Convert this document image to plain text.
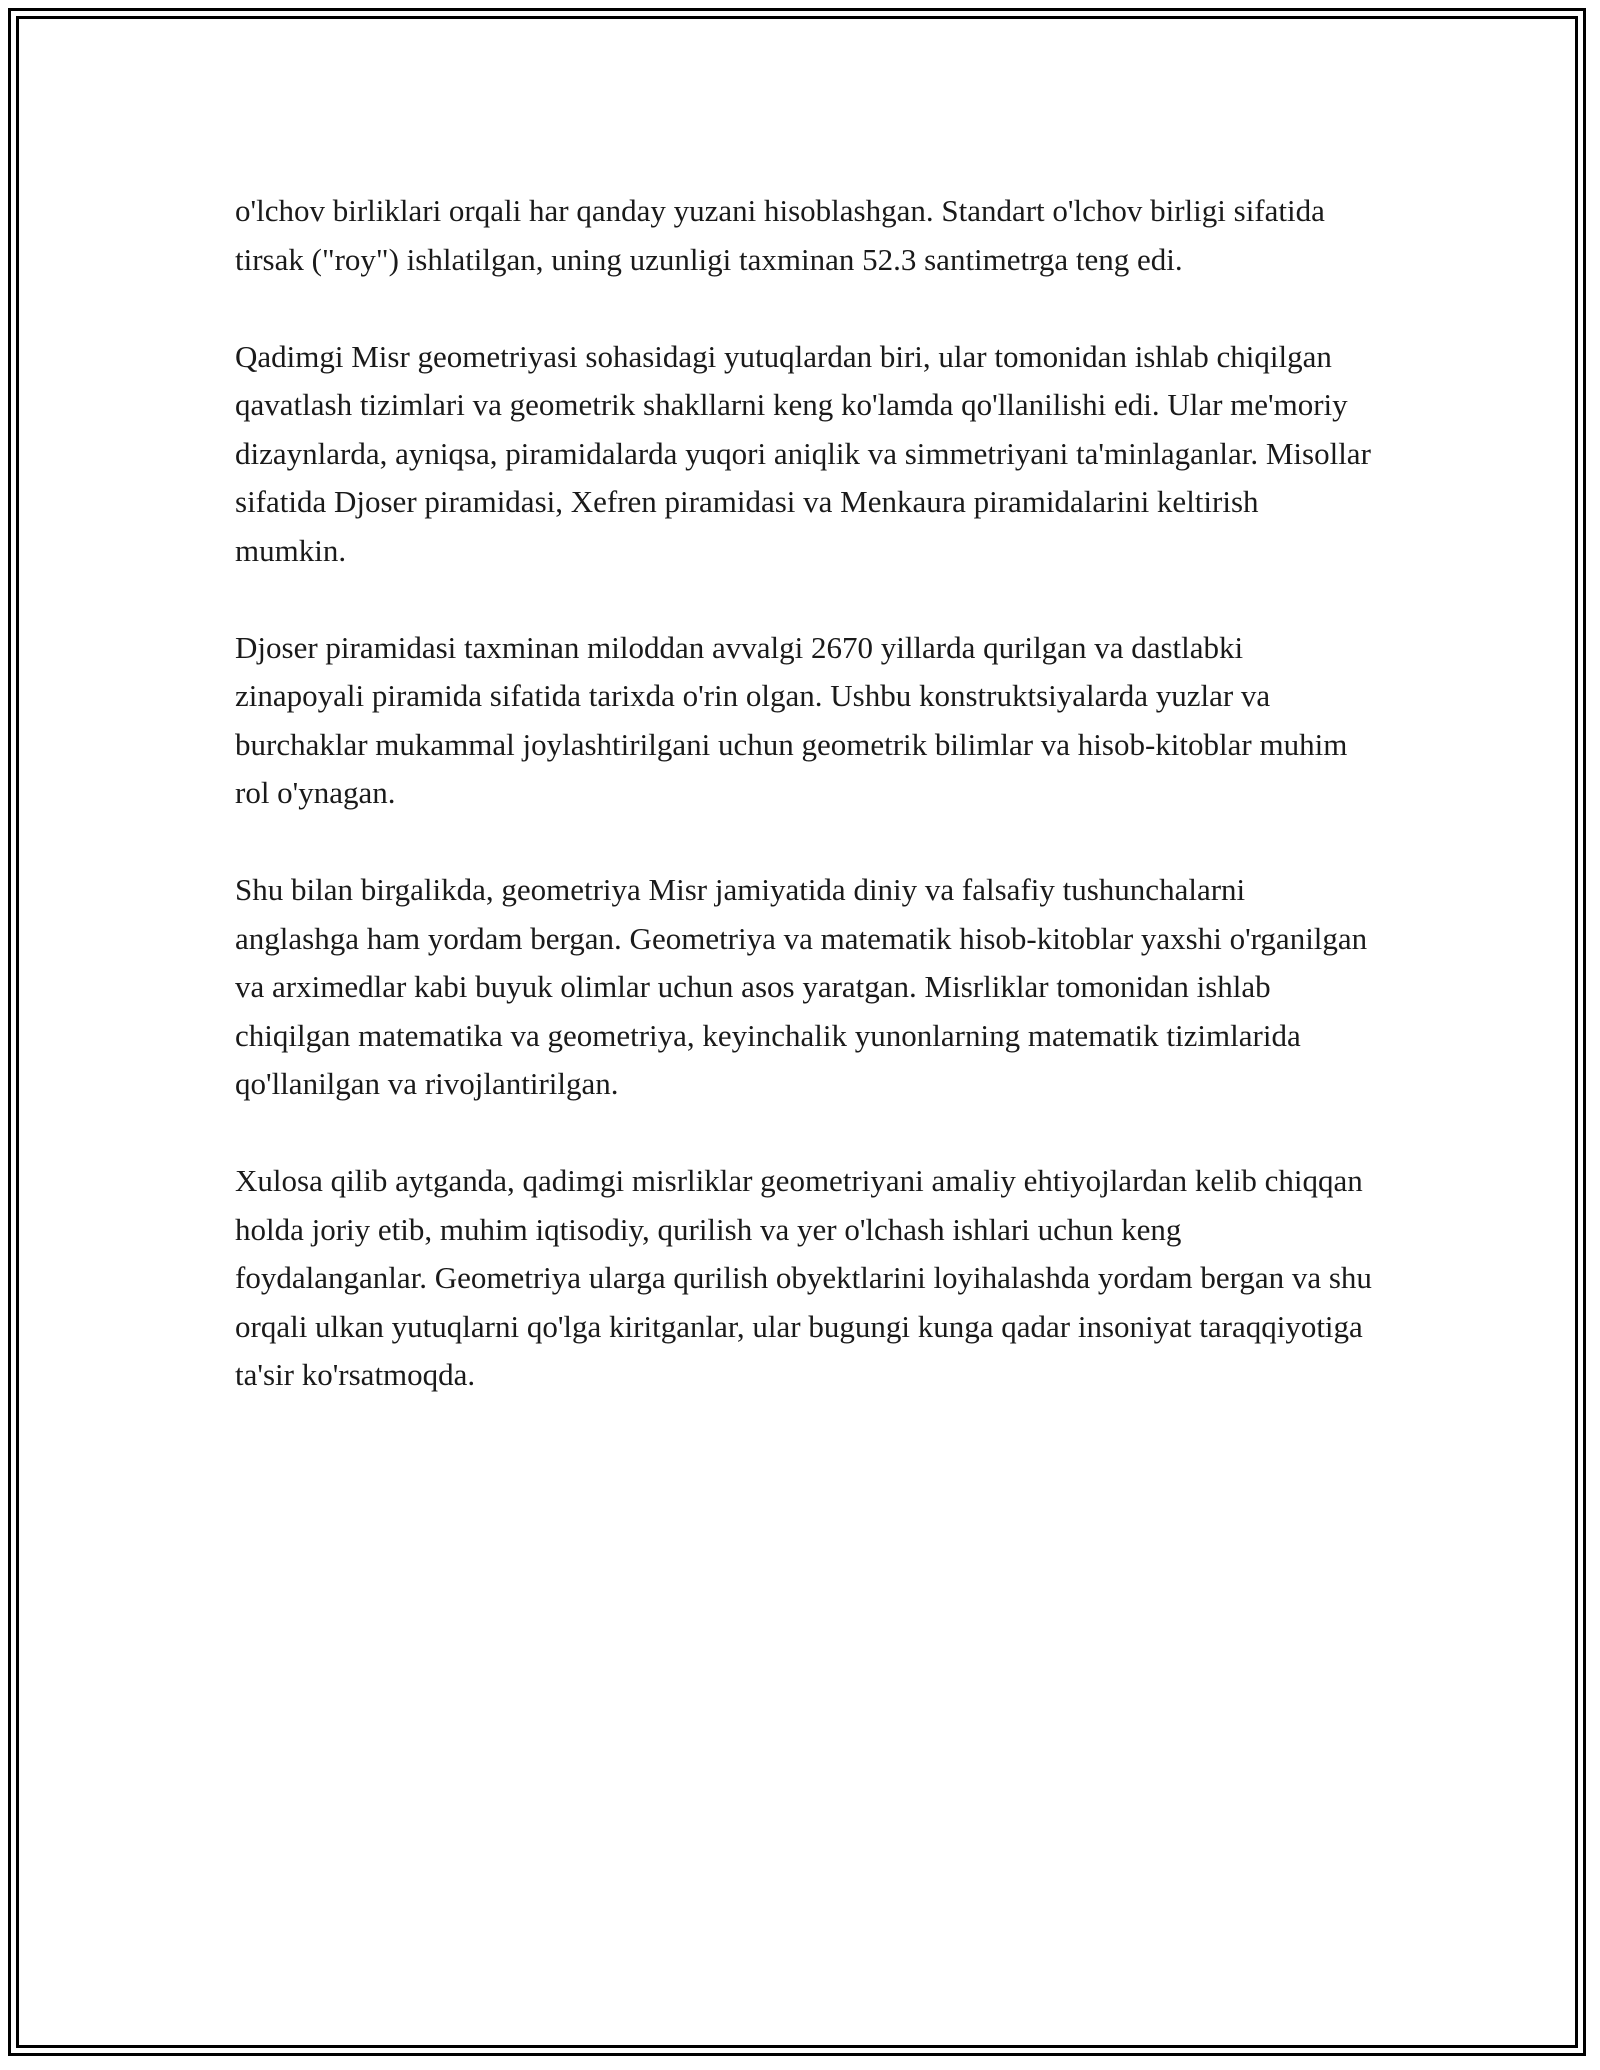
o'lchov birliklari orqali har qanday yuzani hisoblashgan. Standart o'lchov birligi sifatida tirsak ("roy") ishlatilgan, uning uzunligi taxminan 52.3 santimetrga teng edi.

Qadimgi Misr geometriyasi sohasidagi yutuqlardan biri, ular tomonidan ishlab chiqilgan qavatlash tizimlari va geometrik shakllarni keng ko'lamda qo'llanilishi edi. Ular me'moriy dizaynlarda, ayniqsa, piramidalarda yuqori aniqlik va simmetriyani ta'minlaganlar. Misollar sifatida Djoser piramidasi, Xefren piramidasi va Menkaura piramidalarini keltirish mumkin.

Djoser piramidasi taxminan miloddan avvalgi 2670 yillarda qurilgan va dastlabki zinapoyali piramida sifatida tarixda o'rin olgan. Ushbu konstruktsiyalarda yuzlar va burchaklar mukammal joylashtirilgani uchun geometrik bilimlar va hisob-kitoblar muhim rol o'ynagan.

Shu bilan birgalikda, geometriya Misr jamiyatida diniy va falsafiy tushunchalarni anglashga ham yordam bergan. Geometriya va matematik hisob-kitoblar yaxshi o'rganilgan va arximedlar kabi buyuk olimlar uchun asos yaratgan. Misrliklar tomonidan ishlab chiqilgan matematika va geometriya, keyinchalik yunonlarning matematik tizimlarida qo'llanilgan va rivojlantirilgan.

Xulosa qilib aytganda, qadimgi misrliklar geometriyani amaliy ehtiyojlardan kelib chiqqan holda joriy etib, muhim iqtisodiy, qurilish va yer o'lchash ishlari uchun keng foydalanganlar. Geometriya ularga qurilish obyektlarini loyihalashda yordam bergan va shu orqali ulkan yutuqlarni qo'lga kiritganlar, ular bugungi kunga qadar insoniyat taraqqiyotiga ta'sir ko'rsatmoqda.
